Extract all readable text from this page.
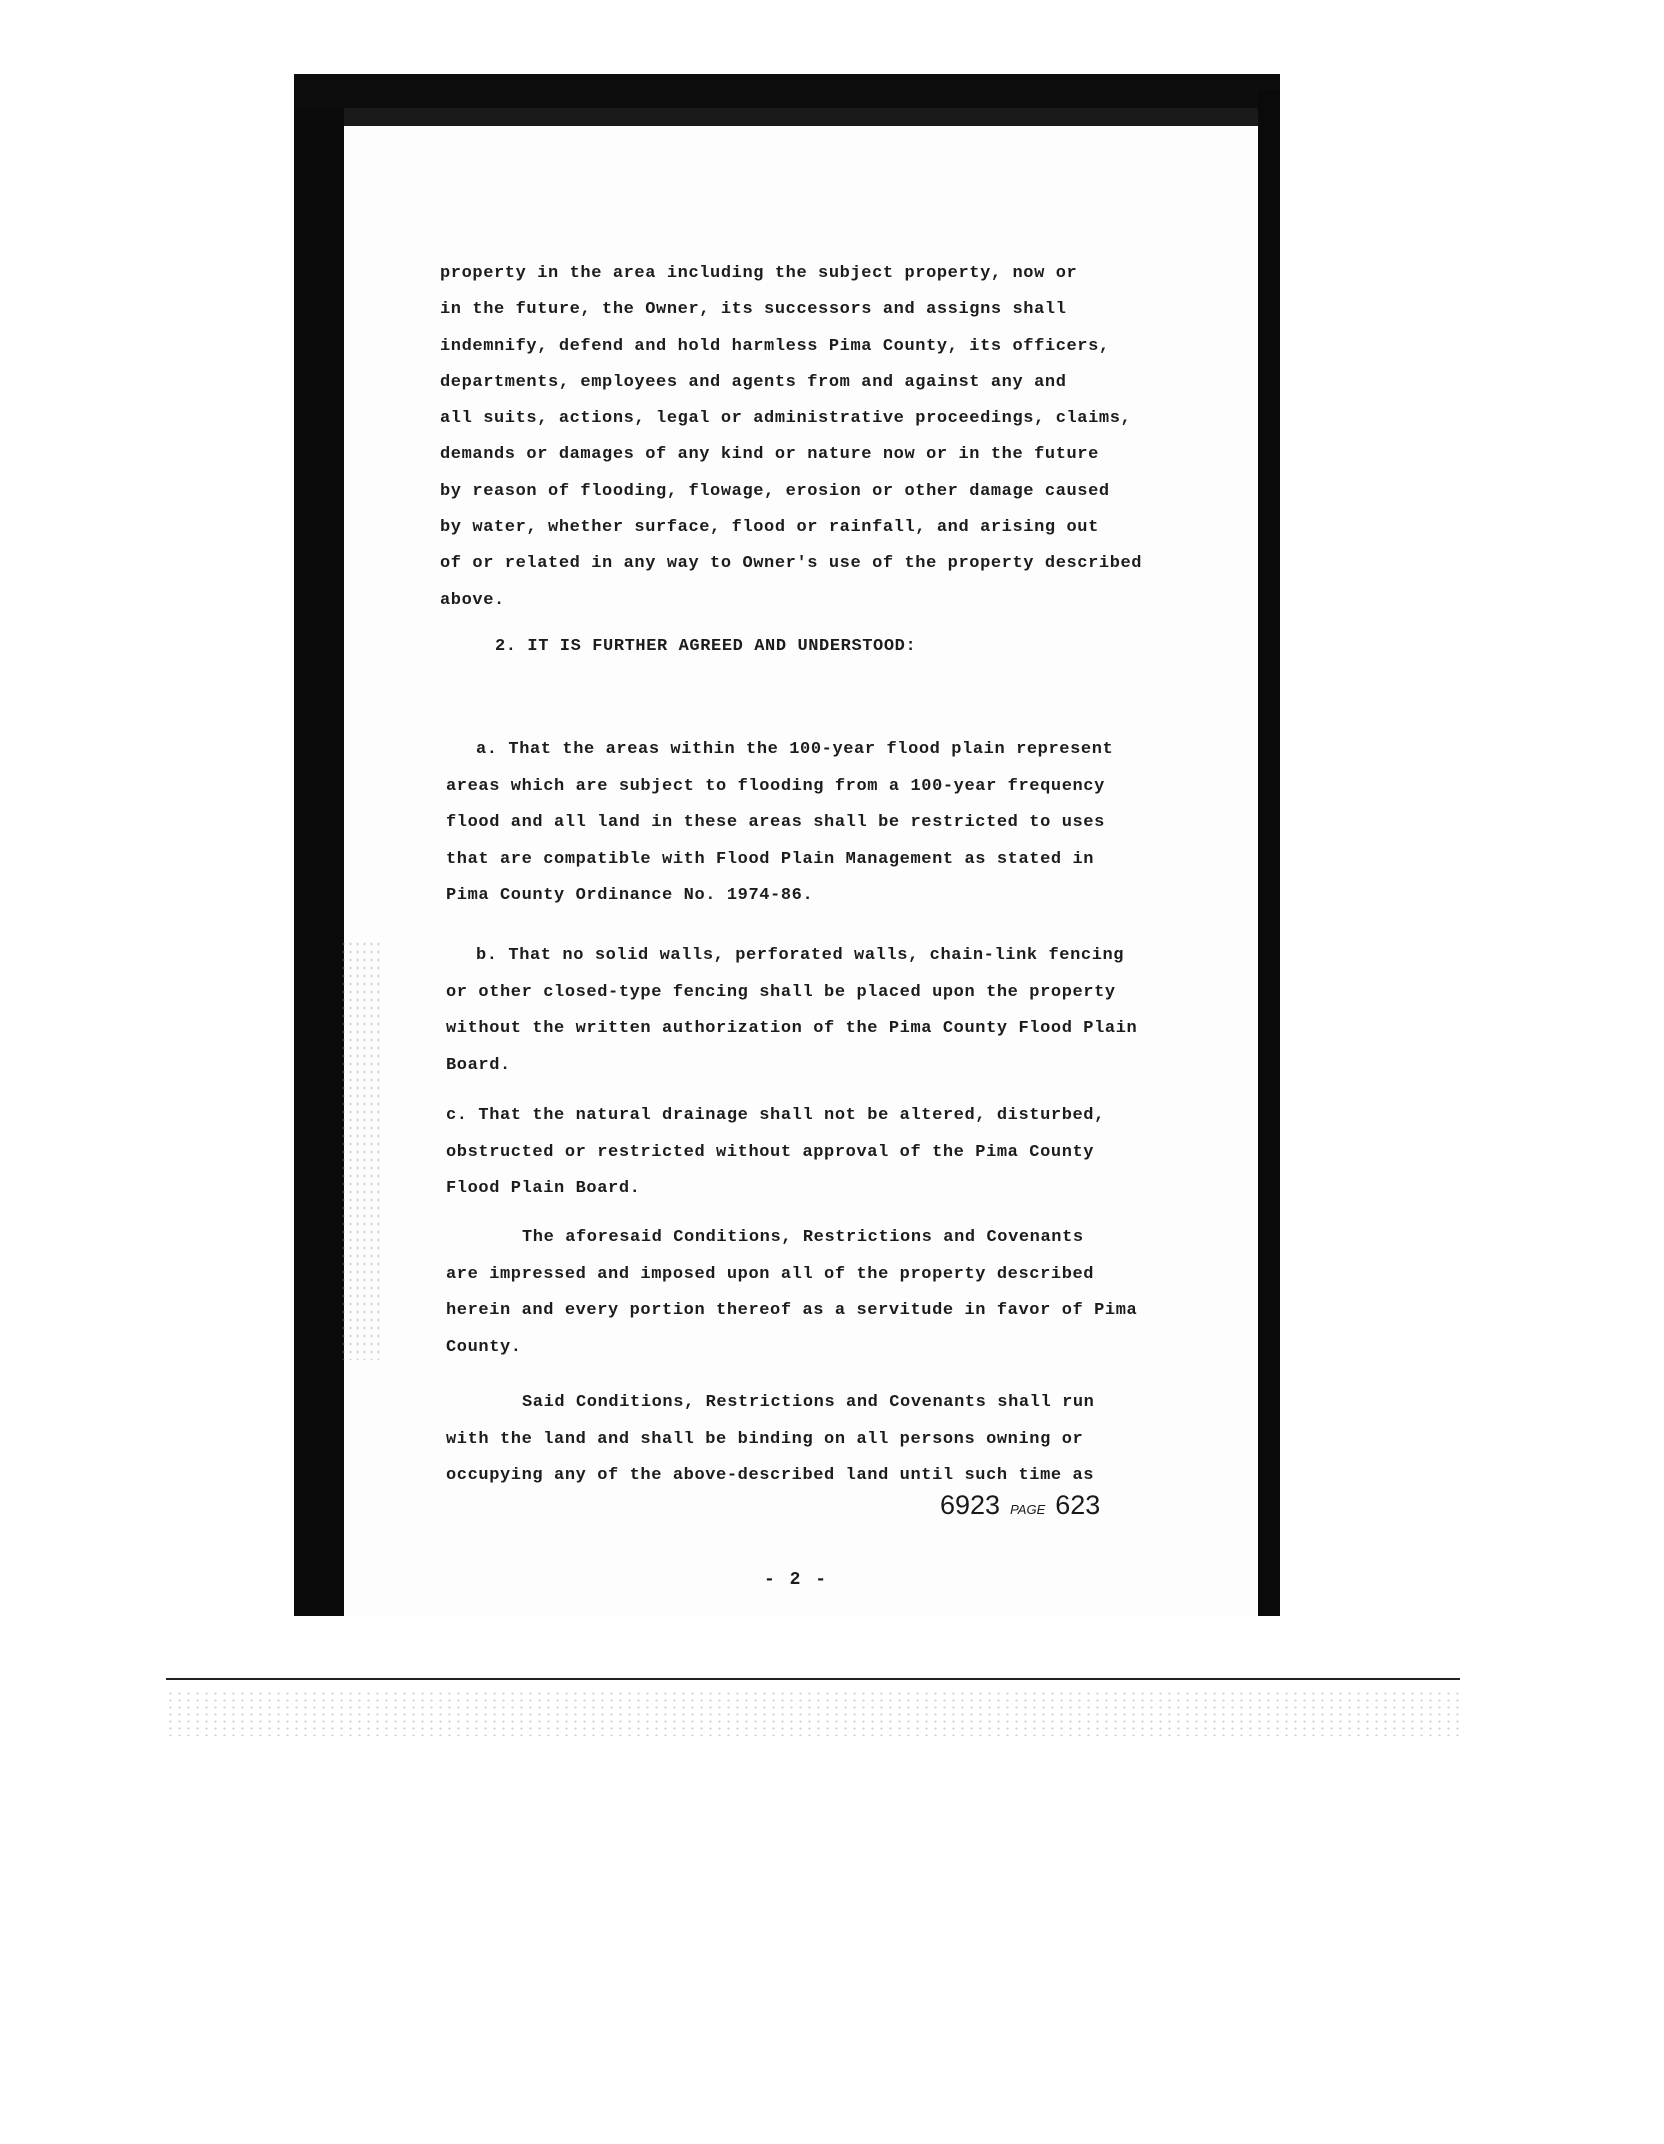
property in the area including the subject property, now or
in the future, the Owner, its successors and assigns shall
indemnify, defend and hold harmless Pima County, its officers,
departments, employees and agents from and against any and
all suits, actions, legal or administrative proceedings, claims,
demands or damages of any kind or nature now or in the future
by reason of flooding, flowage, erosion or other damage caused
by water, whether surface, flood or rainfall, and arising out
of or related in any way to Owner's use of the property described
above.
2. IT IS FURTHER AGREED AND UNDERSTOOD:
a. That the areas within the 100-year flood plain represent
areas which are subject to flooding from a 100-year frequency
flood and all land in these areas shall be restricted to uses
that are compatible with Flood Plain Management as stated in
Pima County Ordinance No. 1974-86.
b. That no solid walls, perforated walls, chain-link fencing
or other closed-type fencing shall be placed upon the property
without the written authorization of the Pima County Flood Plain
Board.
c. That the natural drainage shall not be altered, disturbed,
obstructed or restricted without approval of the Pima County
Flood Plain Board.
The aforesaid Conditions, Restrictions and Covenants
are impressed and imposed upon all of the property described
herein and every portion thereof as a servitude in favor of Pima
County.
Said Conditions, Restrictions and Covenants shall run
with the land and shall be binding on all persons owning or
occupying any of the above-described land until such time as
6923 PAGE 623
- 2 -
